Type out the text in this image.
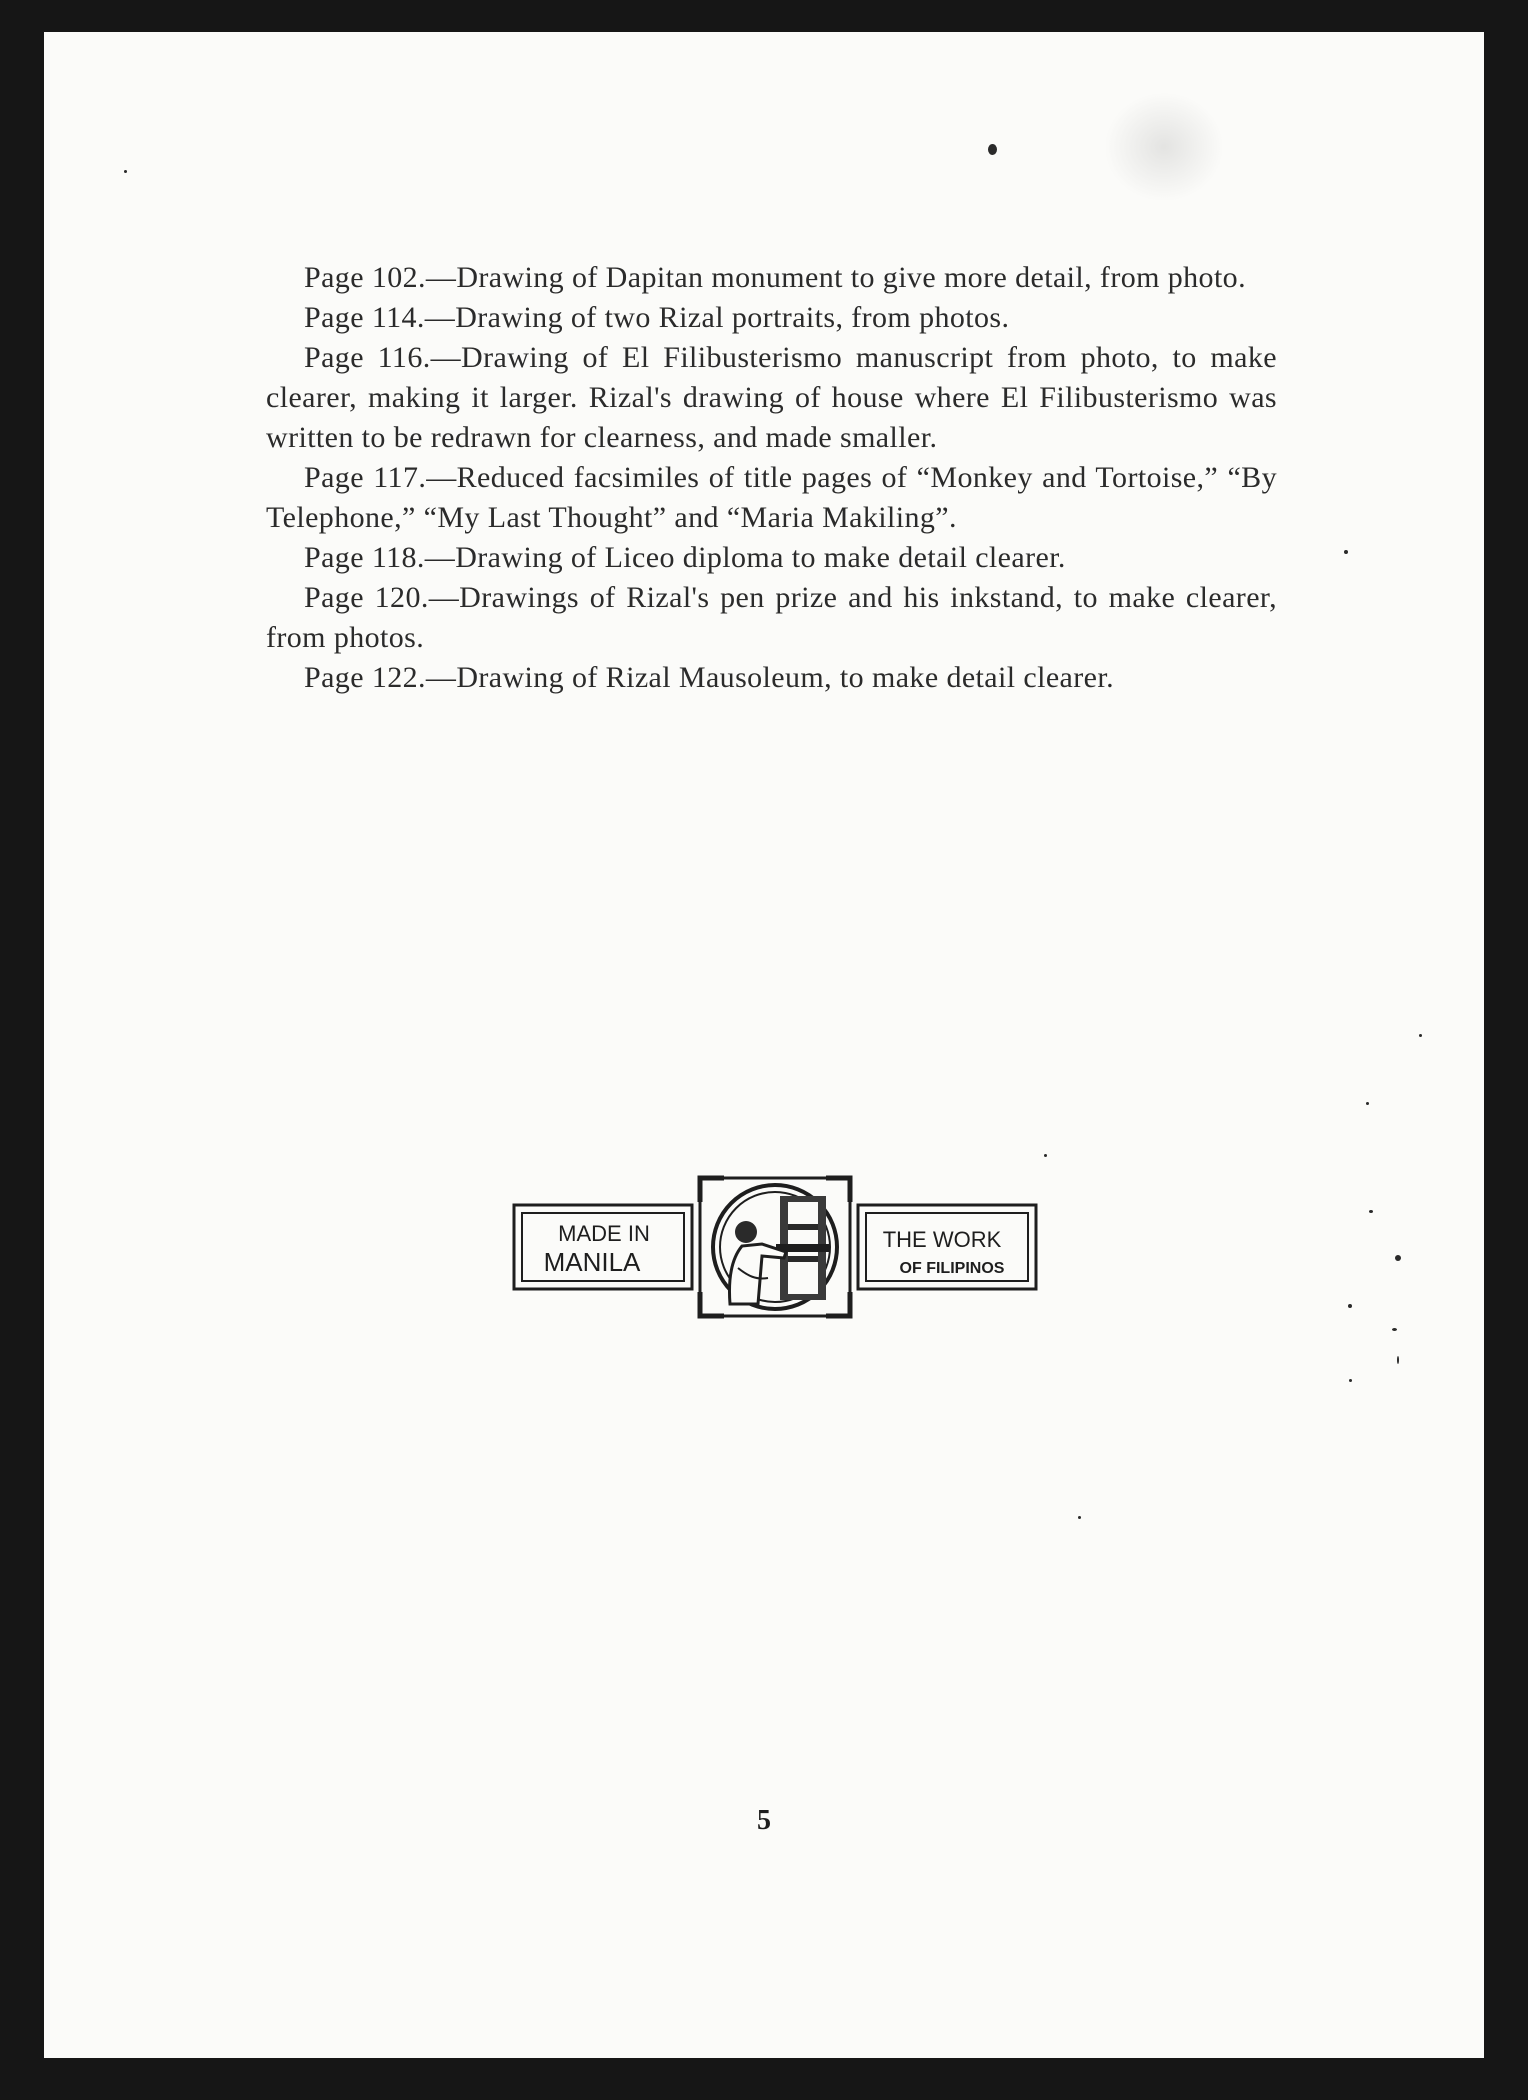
Page 102.—Drawing of Dapitan monument to give more detail, from photo.

Page 114.—Drawing of two Rizal portraits, from photos.

Page 116.—Drawing of El Filibusterismo manuscript from photo, to make clearer, making it larger. Rizal's drawing of house where El Filibusterismo was written to be redrawn for clearness, and made smaller.

Page 117.—Reduced facsimiles of title pages of “Monkey and Tortoise,” “By Telephone,” “My Last Thought” and “Maria Makiling”.

Page 118.—Drawing of Liceo diploma to make detail clearer.

Page 120.—Drawings of Rizal's pen prize and his inkstand, to make clearer, from photos.

Page 122.—Drawing of Rizal Mausoleum, to make detail clearer.

MADE IN
MANILA
THE WORK
OF FILIPINOS
5
